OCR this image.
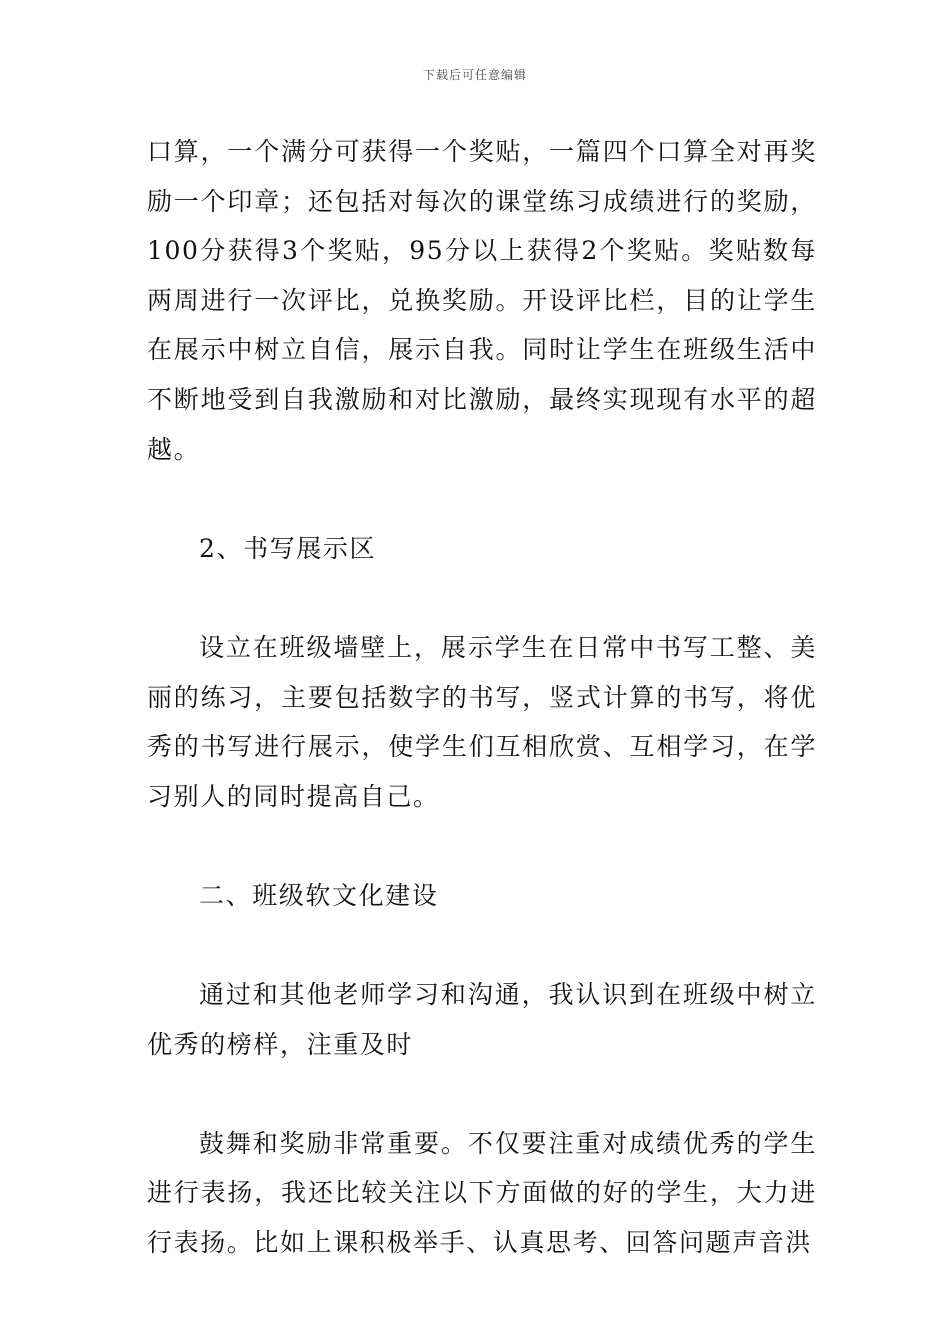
下载后可任意编辑

口算，一个满分可获得一个奖贴，一篇四个口算全对再奖励一个印章；还包括对每次的课堂练习成绩进行的奖励，100分获得3个奖贴，95分以上获得2个奖贴。奖贴数每两周进行一次评比，兑换奖励。开设评比栏，目的让学生在展示中树立自信，展示自我。同时让学生在班级生活中不断地受到自我激励和对比激励，最终实现现有水平的超越。

2、书写展示区

设立在班级墙壁上，展示学生在日常中书写工整、美丽的练习，主要包括数字的书写，竖式计算的书写，将优秀的书写进行展示，使学生们互相欣赏、互相学习，在学习别人的同时提高自己。

二、班级软文化建设

通过和其他老师学习和沟通，我认识到在班级中树立优秀的榜样，注重及时

鼓舞和奖励非常重要。不仅要注重对成绩优秀的学生进行表扬，我还比较关注以下方面做的好的学生，大力进行表扬。比如上课积极举手、认真思考、回答问题声音洪
